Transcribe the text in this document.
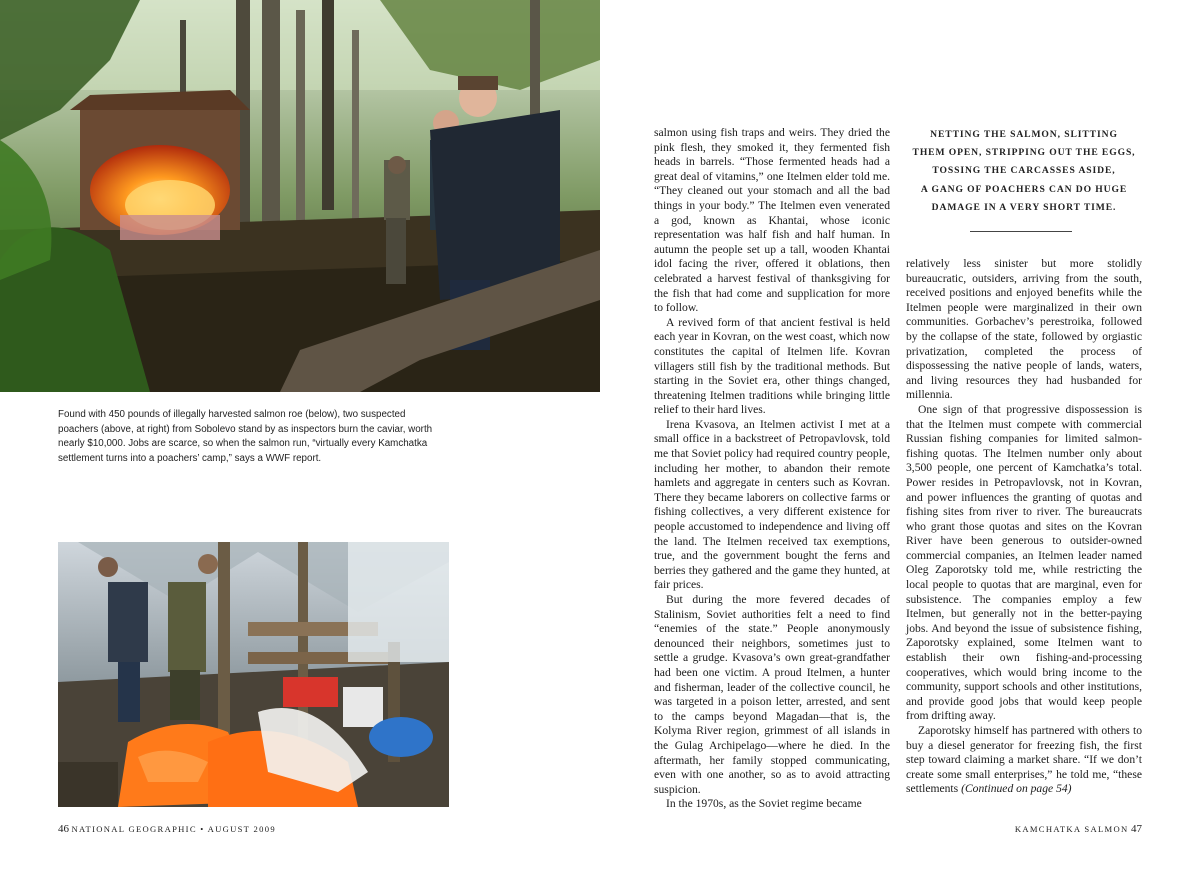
Found with 450 pounds of illegally harvested salmon roe (below), two suspected poachers (above, at right) from Sobolevo stand by as inspectors burn the caviar, worth nearly $10,000. Jobs are scarce, so when the salmon run, “virtually every Kamchatka settlement turns into a poachers’ camp,” says a WWF report.

salmon using fish traps and weirs. They dried the pink flesh, they smoked it, they fermented fish heads in barrels. “Those fermented heads had a great deal of vitamins,” one Itelmen elder told me. “They cleaned out your stomach and all the bad things in your body.” The Itelmen even venerated a god, known as Khantai, whose iconic representation was half fish and half human. In autumn the people set up a tall, wooden Khantai idol facing the river, offered it oblations, then celebrated a harvest festival of thanksgiving for the fish that had come and supplication for more to follow.

A revived form of that ancient festival is held each year in Kovran, on the west coast, which now constitutes the capital of Itelmen life. Kovran villagers still fish by the traditional methods. But starting in the Soviet era, other things changed, threatening Itelmen traditions while bringing little relief to their hard lives.

Irena Kvasova, an Itelmen activist I met at a small office in a backstreet of Petropavlovsk, told me that Soviet policy had required country people, including her mother, to abandon their remote hamlets and aggregate in centers such as Kovran. There they became laborers on collective farms or fishing collectives, a very different existence for people accustomed to independence and living off the land. The Itelmen received tax exemptions, true, and the government bought the ferns and berries they gathered and the game they hunted, at fair prices.

But during the more fevered decades of Stalinism, Soviet authorities felt a need to find “enemies of the state.” People anonymously denounced their neighbors, sometimes just to settle a grudge. Kvasova’s own great-grandfather had been one victim. A proud Itelmen, a hunter and fisherman, leader of the collective council, he was targeted in a poison letter, arrested, and sent to the camps beyond Magadan—that is, the Kolyma River region, grimmest of all islands in the Gulag Archipelago—where he died. In the aftermath, her family stopped communicating, even with one another, so as to avoid attracting suspicion.

In the 1970s, as the Soviet regime became

NETTING THE SALMON, SLITTING
THEM OPEN, STRIPPING OUT THE EGGS,
TOSSING THE CARCASSES ASIDE,
A GANG OF POACHERS CAN DO HUGE
DAMAGE IN A VERY SHORT TIME.

relatively less sinister but more stolidly bureaucratic, outsiders, arriving from the south, received positions and enjoyed benefits while the Itelmen people were marginalized in their own communities. Gorbachev’s perestroika, followed by the collapse of the state, followed by orgiastic privatization, completed the process of dispossessing the native people of lands, waters, and living resources they had husbanded for millennia.

One sign of that progressive dispossession is that the Itelmen must compete with commercial Russian fishing companies for limited salmon-fishing quotas. The Itelmen number only about 3,500 people, one percent of Kamchatka’s total. Power resides in Petropavlovsk, not in Kovran, and power influences the granting of quotas and fishing sites from river to river. The bureaucrats who grant those quotas and sites on the Kovran River have been generous to outsider-owned commercial companies, an Itelmen leader named Oleg Zaporotsky told me, while restricting the local people to quotas that are marginal, even for subsistence. The companies employ a few Itelmen, but generally not in the better-paying jobs. And beyond the issue of subsistence fishing, Zaporotsky explained, some Itelmen want to establish their own fishing-and-processing cooperatives, which would bring income to the community, support schools and other institutions, and provide good jobs that would keep people from drifting away.

Zaporotsky himself has partnered with others to buy a diesel generator for freezing fish, the first step toward claiming a market share. “If we don’t create some small enterprises,” he told me, “these settlements (Continued on page 54)

46 NATIONAL GEOGRAPHIC • AUGUST 2009	KAMCHATKA SALMON 47
